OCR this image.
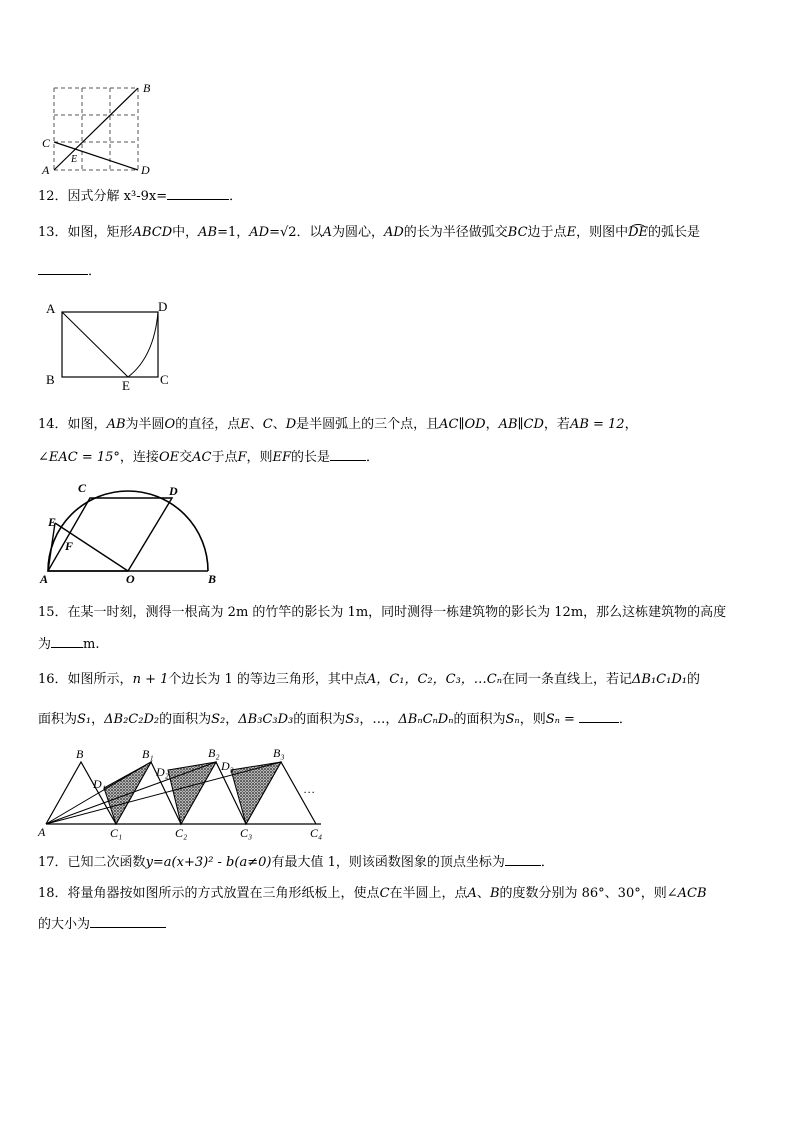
B
C
E
A	D
12．因式分解 x³-9x=	．
13．如图，矩形ABCD中，AB=1，AD=√2．以A为圆心，AD的长为半径做弧交BC边于点E，则图中DE的弧长是
．
A	D
B	E C
14．如图，AB为半圆O的直径，点E、C、D是半圆弧上的三个点，且AC∥OD，AB∥CD，若AB = 12，
∠EAC = 15°，连接OE交AC于点F，则EF的长是	．
C	D
E
F
A	O	B
15．在某一时刻，测得一根高为 2m 的竹竿的影长为 1m，同时测得一栋建筑物的影长为 12m，那么这栋建筑物的高度
为 m.
16．如图所示，n + 1个边长为 1 的等边三角形，其中点A，C₁，C₂，C₃，…Cₙ在同一条直线上，若记ΔB₁C₁D₁的
面积为S₁，ΔB₂C₂D₂的面积为S₂，ΔB₃C₃D₃的面积为S₃，…，ΔBₙCₙDₙ的面积为Sₙ，则Sₙ =	．
B	B₁	B₂	B₃
D₁
D₂	D₃
…
A	C₁	C₂	C₃	C₄
17．已知二次函数y=a(x+3)² - b(a≠0)有最大值 1，则该函数图象的顶点坐标为	．
18．将量角器按如图所示的方式放置在三角形纸板上，使点C在半圆上，点A、B的度数分别为 86°、30°，则∠ACB
的大小为
